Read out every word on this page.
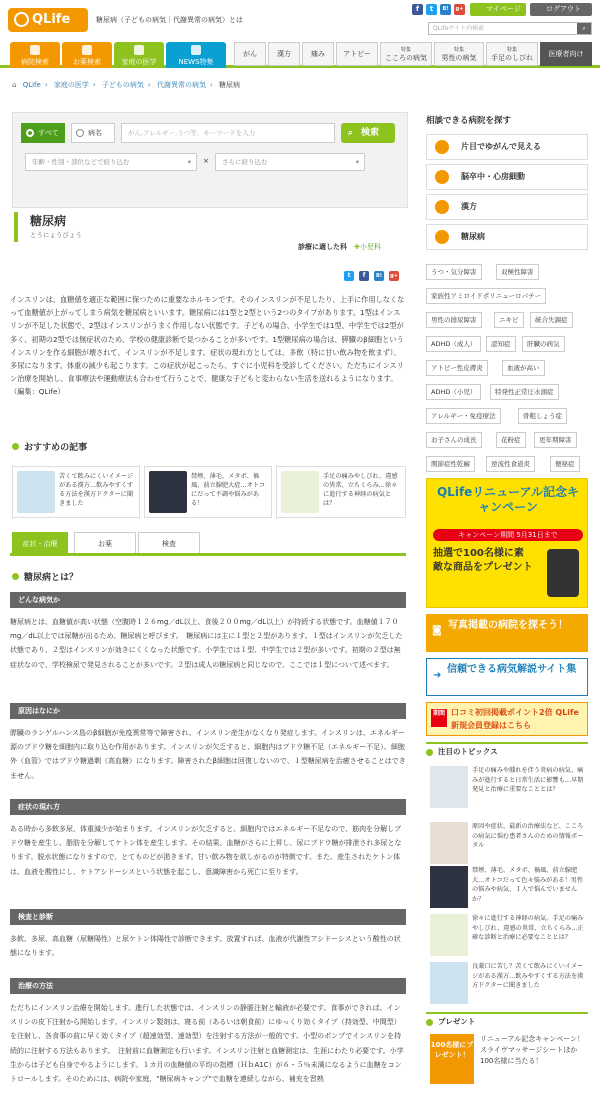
QLife	糖尿病（子どもの病気｜代謝異常の病気）とは
f	t	B!	g+	マイページ	ログアウト
QLifeサイト内検索	⌕
病院検索	お薬検索	家庭の医学	NEWS特集
がん	漢方	痛み	アトピー	特集
こころの病気
特集
男性の病気
特集
手足のしびれ	医療者向け
⌂ QLife › 家庭の医学 › 子どもの病気 › 代謝異常の病気 › 糖尿病
すべて	病名	がん,アレルギー,うつ等、キーワードを入力	⌕ 検索
年齢・性別・部位などで絞り込む	▾ ×	さらに絞り込む	▾
糖尿病
とうにょうびょう
診療に適した科　 ✚小児科
t	f	B!	g+
インスリンは、血糖値を適正な範囲に保つために重要なホルモンです。そのインスリンが不足したり、上手に作用しなくなって血糖値が上がってしまう病気を糖尿病といいます。糖尿病には1型と2型という2つのタイプがあります。1型はインスリンが不足した状態で、2型はインスリンがうまく作用しない状態です。子どもの場合、小学生では1型、中学生では2型が多く、初期の2型では無症状のため、学校の健康診断で見つかることが多いです。1型糖尿病の場合は、膵臓のβ細胞というインスリンを作る細胞が壊されて、インスリンが不足します。症状の現れ方としては、多飲（特に甘い飲み物を飲まず）、多尿になります。体重の減少も起こります。この症状が起こったら、すぐに小児科を受診してください。ただちにインスリン治療を開始し、食事療法や運動療法も合わせて行うことで、健康な子どもと変わらない生活を送れるようになります。（編集：QLife）
おすすめの記事
苦くて飲みにくいイメージがある漢方…飲みやすくする方法を漢方ドクターに聞きました
禁煙、薄毛、メタボ、禍風、前立腺肥大症…オトコにだって不調や悩みがある！
手足の痛みやしびれ、違感の異常、立ちくらみ…徐々に進行する神経の病気とは？
症状・治療	お薬	検査
糖尿病とは？
どんな病気か
糖尿病とは、血糖値が高い状態（空腹時１２６mg／dL以上、食後２００mg／dL以上）が持続する状態です。血糖値１７０mg／dL以上では尿糖が出るため、糖尿病と呼びます。　糖尿病には主に１型と２型があります。１型はインスリンが欠乏した状態であり、２型はインスリンが効きにくくなった状態です。小学生では１型、中学生では２型が多いです。初期の２型は無症状なので、学校検尿で発見されることが多いです。２型は成人の糖尿病と同じなので、ここでは１型について述べます。
原因はなにか
膵臓のランゲルハンス島のβ細胞が免疫異常等で障害され、インスリン産生がなくなり発症します。インスリンは、エネルギー源のブドウ糖を細胞内に取り込む作用があります。インスリンが欠乏すると、細胞内はブドウ糖不足（エネルギー不足）、細胞外（血管）ではブドウ糖過剰（高血糖）になります。障害されたβ細胞は回復しないので、１型糖尿病を治癒させることはできません。
症状の現れ方
ある時から多飲多尿、体重減少が始まります。インスリンが欠乏すると、細胞内ではエネルギー不足なので、筋肉を分解しブドウ糖を産生し、脂肪を分解してケトン体を産生します。その結果、血糖がさらに上昇し、尿にブドウ糖が排泄され多尿となります。脱水状態になりますので、とてものどが渇きます。甘い飲み物を欲しがるのが特徴です。また、産生されたケトン体は、血液を酸性にし、ケトアシドーシスという状態を起こし、意識障害から死亡に至ります。
検査と診断
多飲、多尿、高血糖（尿糖陽性）と尿ケトン体陽性で診断できます。放置すれば、血液が代謝性アシドーシスという酸性の状態になります。
治療の方法
ただちにインスリン治療を開始します。進行した状態では、インスリンの静脈注射と輸液が必要です。食事ができれば、インスリンの皮下注射から開始します。インスリン製剤は、寝る前（あるいは朝食前）にゆっくり効くタイプ（持効型、中間型）を注射し、各食事の前に早く効くタイプ（超速効型、速効型）を注射する方法が一般的です。小型のポンプでインスリンを持続的に注射する方法もあります。　注射前に血糖測定も行います。インスリン注射と血糖測定は、生涯にわたり必要です。小学生からは子ども自身でやるようにします。１カ月の血糖値の平均の指標（ＨｂA1C）が６・５％未満になるように血糖をコントロールします。そのためには、病院や家庭、"糖尿病キャンプ"で血糖を連続しながら、補充を習熟
相談できる病院を探す
片目でゆがんで見える
脳卒中・心房細動
漢方
糖尿病
うつ・気分障害	双極性障害
家族性アミロイドポリニューロパチー
男性の排尿障害	ニキビ	統合失調症
ADHD（成人）	認知症	肝臓の病気
アトピー性皮膚炎	血液が高い
ADHD（小児）	特発性正常圧水頭症
アレルギー・免疫療法	骨粗しょう症
お子さんの成長	花粉症	更年期障害
関節症性乾癬	逆流性食道炎	便秘症
QLifeリニューアル記念キャンペーン
キャンペーン期間 5月31日まで
抽選で100名様に素敵な商品をプレゼント
◙ 写真掲載の病院を探そう！
➜
信頼できる病気解説サイト集
期間 口コミ初回掲載ポイント2倍 QLife新規会員登録はこちら
注目のトピックス
手足の痛みや腫れを伴う炎病の病気、痛みが進行すると日常生活に影響も…早期発見と治療に重要なこととは？
原因や症状、最新の治療法など、こころの病気に悩む患者さんのための情報ポータル
禁煙、薄毛、メタボ、禍風、前立腺肥大…オトコだって色々悩みがある！男性の悩みや病気、１人で悩んでいませんか？
徐々に進行する神経の病気。手足の痛みやしびれ、違感の異常、立ちくらみ…正確な診断と治療に必要なこととは？
良薬口に苦し？苦くて飲みにくいイメージがある漢方…飲みやすくする方法を漢方ドクターに聞きました
プレゼント
100名様にプレゼント！
リニューアル記念キャンペーン！スライヴマッサージシートほか100名様に当たる！
